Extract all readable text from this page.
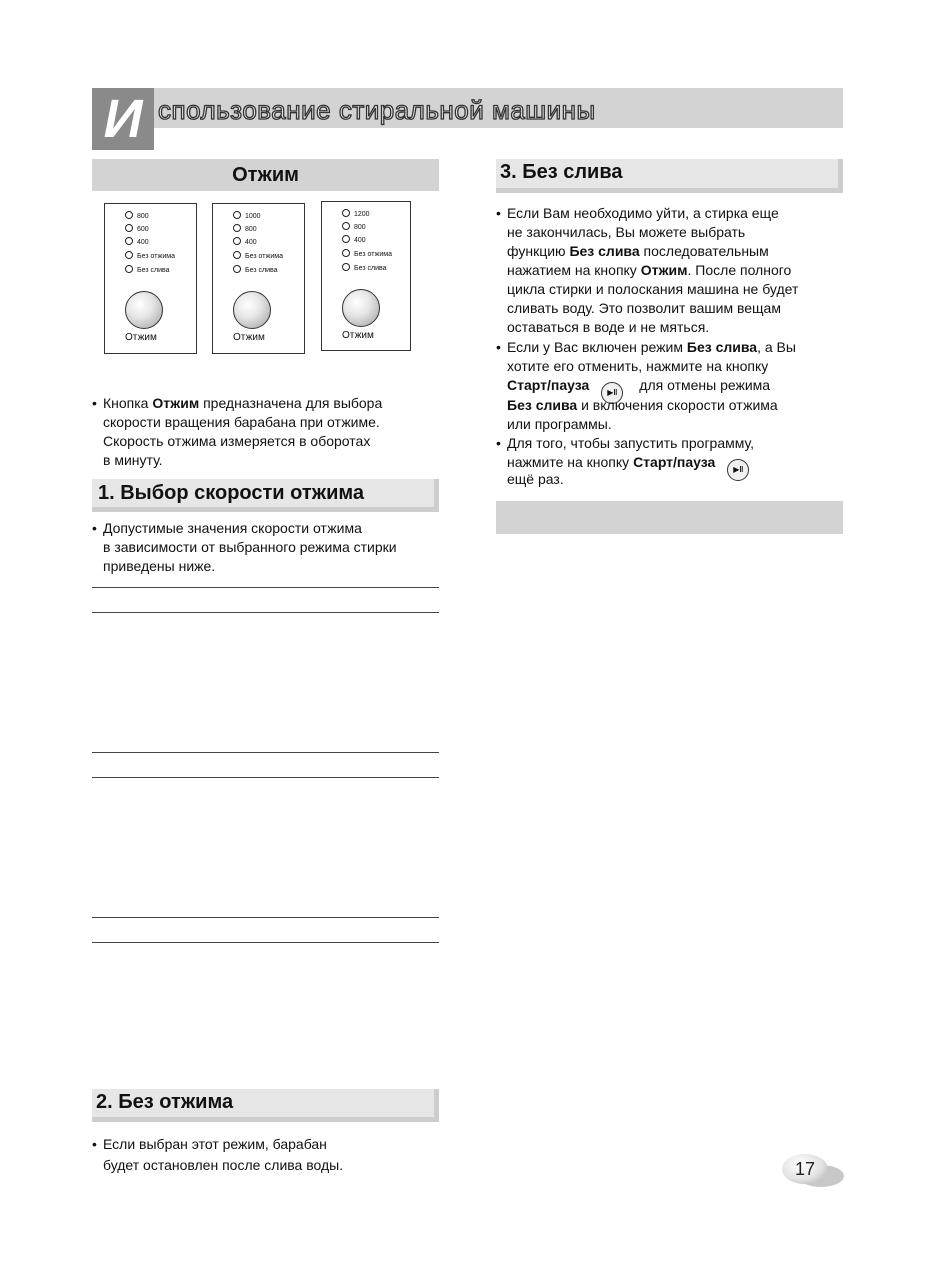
И спользование стиральной машины
Отжим
800
600
400
Без отжима
Без слива
Отжим
1000
800
400
Без отжима
Без слива
Отжим
1200
800
400
Без отжима
Без слива
Отжим
• Кнопка Отжим предназначена для выбора
скорости вращения барабана при отжиме.
Скорость отжима измеряется в оборотах
в минуту.
1. Выбор скорости отжима
• Допустимые значения скорости отжима
в зависимости от выбранного режима стирки
приведены ниже.
2. Без отжима
• Если выбран этот режим, барабан
будет остановлен после слива воды.
3. Без слива
• Если Вам необходимо уйти, а стирка еще
не закончилась, Вы можете выбрать
функцию Без слива последовательным
нажатием на кнопку Отжим. После полного
цикла стирки и полоскания машина не будет
сливать воду. Это позволит вашим вещам
оставаться в воде и не мяться.
• Если у Вас включен режим Без слива, а Вы
хотите его отменить, нажмите на кнопку
Старт/пауза ▶‖ для отмены режима
Без слива и включения скорости отжима
или программы.
• Для того, чтобы запустить программу,
нажмите на кнопку Старт/пауза ▶‖
ещё раз.
17
